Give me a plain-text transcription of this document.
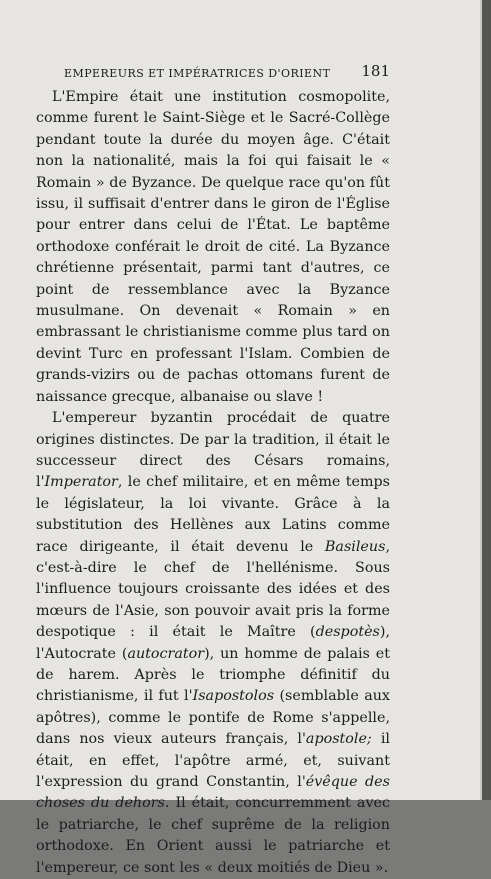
EMPEREURS ET IMPÉRATRICES D'ORIENT 181

L'Empire était une institution cosmopolite, comme furent le Saint-Siège et le Sacré-Collège pendant toute la durée du moyen âge. C'était non la nationalité, mais la foi qui faisait le « Romain » de Byzance. De quelque race qu'on fût issu, il suffisait d'entrer dans le giron de l'Église pour entrer dans celui de l'État. Le baptême orthodoxe conférait le droit de cité. La Byzance chrétienne présentait, parmi tant d'autres, ce point de ressemblance avec la Byzance musulmane. On devenait « Romain » en embrassant le christianisme comme plus tard on devint Turc en professant l'Islam. Combien de grands-vizirs ou de pachas ottomans furent de naissance grecque, albanaise ou slave !

L'empereur byzantin procédait de quatre origines distinctes. De par la tradition, il était le successeur direct des Césars romains, l'Imperator, le chef militaire, et en même temps le législateur, la loi vivante. Grâce à la substitution des Hellènes aux Latins comme race dirigeante, il était devenu le Basileus, c'est-à-dire le chef de l'hellénisme. Sous l'influence toujours croissante des idées et des mœurs de l'Asie, son pouvoir avait pris la forme despotique : il était le Maître (despotès), l'Autocrate (autocrator), un homme de palais et de harem. Après le triomphe définitif du christianisme, il fut l'Isapostolos (semblable aux apôtres), comme le pontife de Rome s'appelle, dans nos vieux auteurs français, l'apostole; il était, en effet, l'apôtre armé, et, suivant l'expression du grand Constantin, l'évêque des choses du dehors. Il était, concurremment avec le patriarche, le chef suprême de la religion orthodoxe. En Orient aussi le patriarche et l'empereur, ce sont les « deux moitiés de Dieu ».
